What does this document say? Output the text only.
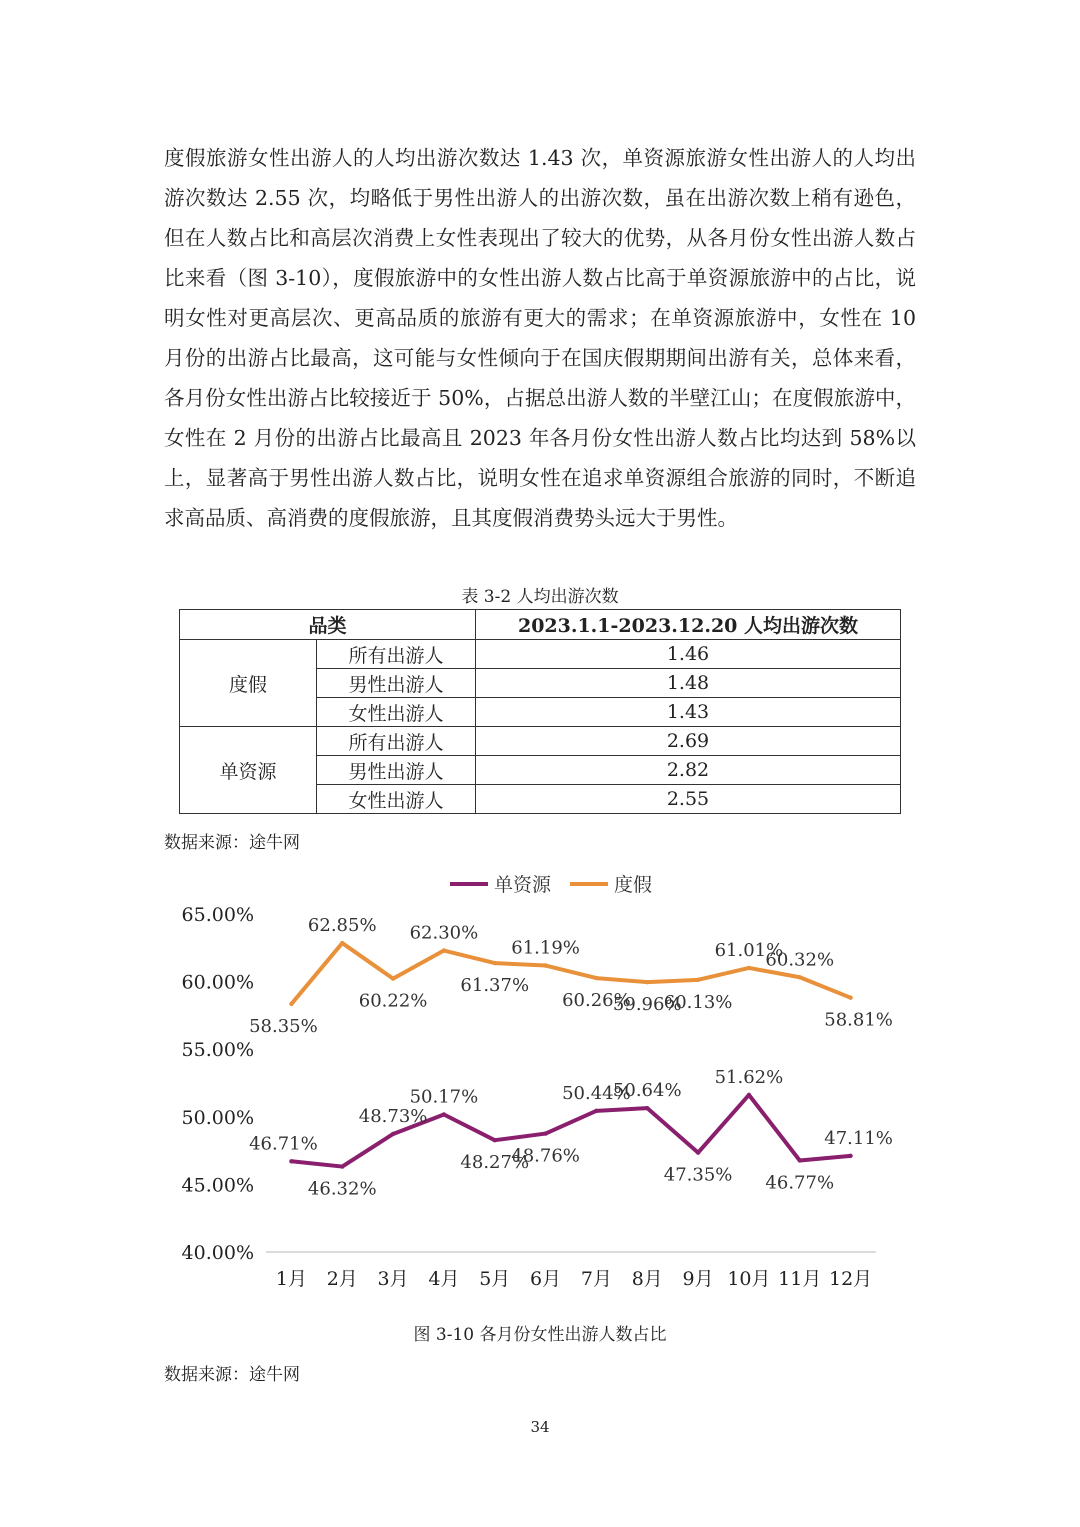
度假旅游女性出游人的人均出游次数达 1.43 次，单资源旅游女性出游人的人均出游次数达 2.55 次，均略低于男性出游人的出游次数，虽在出游次数上稍有逊色，但在人数占比和高层次消费上女性表现出了较大的优势，从各月份女性出游人数占比来看（图 3-10），度假旅游中的女性出游人数占比高于单资源旅游中的占比，说明女性对更高层次、更高品质的旅游有更大的需求；在单资源旅游中，女性在 10 月份的出游占比最高，这可能与女性倾向于在国庆假期期间出游有关，总体来看，各月份女性出游占比较接近于 50%，占据总出游人数的半壁江山；在度假旅游中，女性在 2 月份的出游占比最高且 2023 年各月份女性出游人数占比均达到 58%以上，显著高于男性出游人数占比，说明女性在追求单资源组合旅游的同时，不断追求高品质、高消费的度假旅游，且其度假消费势头远大于男性。

表 3-2 人均出游次数
品类		2023.1.1-2023.12.20 人均出游次数
度假	所有出游人	1.46
	男性出游人	1.48
	女性出游人	1.43
单资源	所有出游人	2.69
	男性出游人	2.82
	女性出游人	2.55
数据来源：途牛网
40.00%
45.00%
50.00%
55.00%
60.00%
65.00%
1月 2月 3月 4月 5月 6月 7月 8月 9月 10月 11月 12月
单资源	度假
46.71%
46.32%
48.73%
50.17%
48.27%
48.76%
50.44%
50.64%
47.35%
51.62%
46.77%
47.11%
58.35%
62.85%
60.22%
62.30%
61.37%
61.19%
60.26%
59.96%
60.13%
61.01%
60.32%
58.81%
图 3-10 各月份女性出游人数占比
数据来源：途牛网
34
